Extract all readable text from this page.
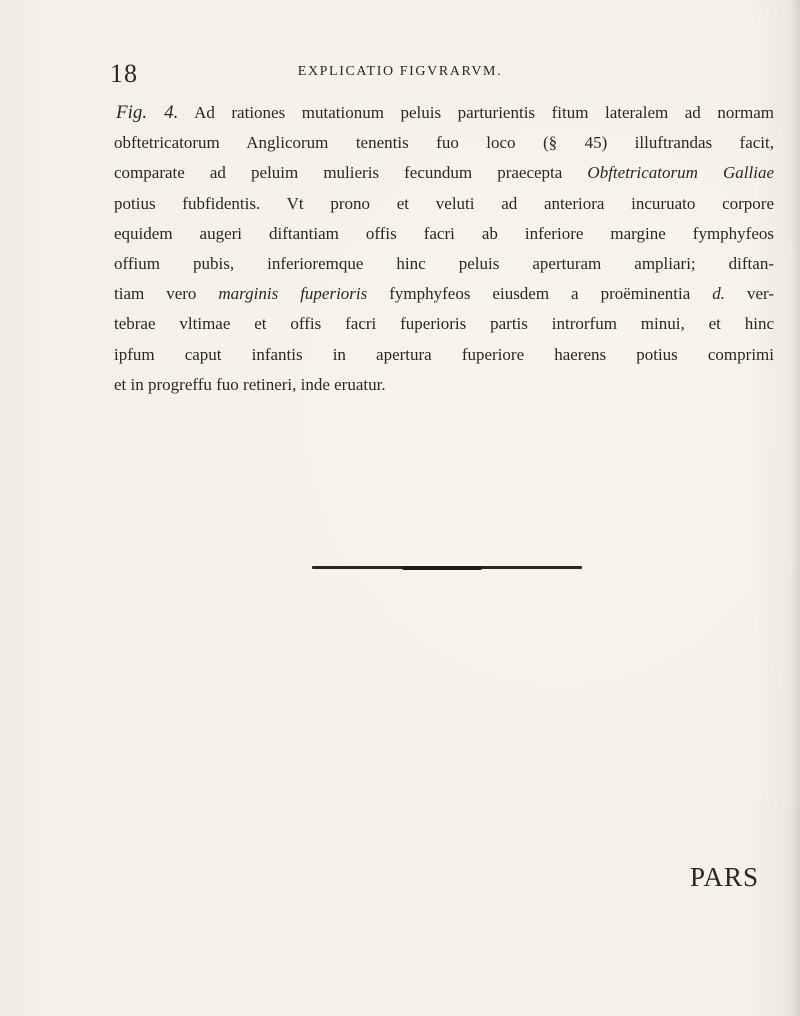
18	EXPLICATIO FIGVRARVM.
Fig. 4. Ad rationes mutationum peluis parturientis fitum lateralem ad normam
obftetricatorum Anglicorum tenentis fuo loco (§ 45) illuftrandas facit,
comparate ad peluim mulieris fecundum praecepta Obftetricatorum Galliae
potius fubfidentis. Vt prono et veluti ad anteriora incuruato corpore
equidem augeri diftantiam offis facri ab inferiore margine fymphyfeos
offium pubis, inferioremque hinc peluis aperturam ampliari; diftan-
tiam vero marginis fuperioris fymphyfeos eiusdem a proëminentia d. ver-
tebrae vltimae et offis facri fuperioris partis introrfum minui, et hinc
ipfum caput infantis in apertura fuperiore haerens potius comprimi
et in progreffu fuo retineri, inde eruatur.
PARS
